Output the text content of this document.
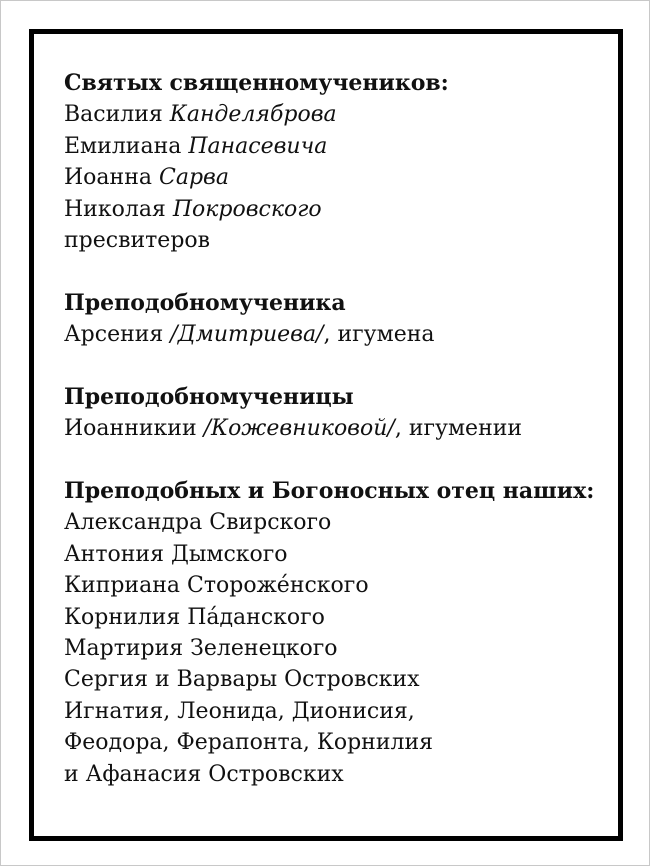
Святых священномучеников:
Василия Канделяброва
Емилиана Панасевича
Иоанна Сарва
Николая Покровского
пресвитеров
Преподобномученика
Арсения /Дмитриева/, игумена
Преподобномученицы
Иоанникии /Кожевниковой/, игумении
Преподобных и Богоносных отец наших:
Александра Свирского
Антония Дымского
Киприана Стороже́нского
Корнилия Па́данского
Мартирия Зеленецкого
Сергия и Варвары Островских
Игнатия, Леонида, Дионисия,
Феодора, Ферапонта, Корнилия
и Афанасия Островских
